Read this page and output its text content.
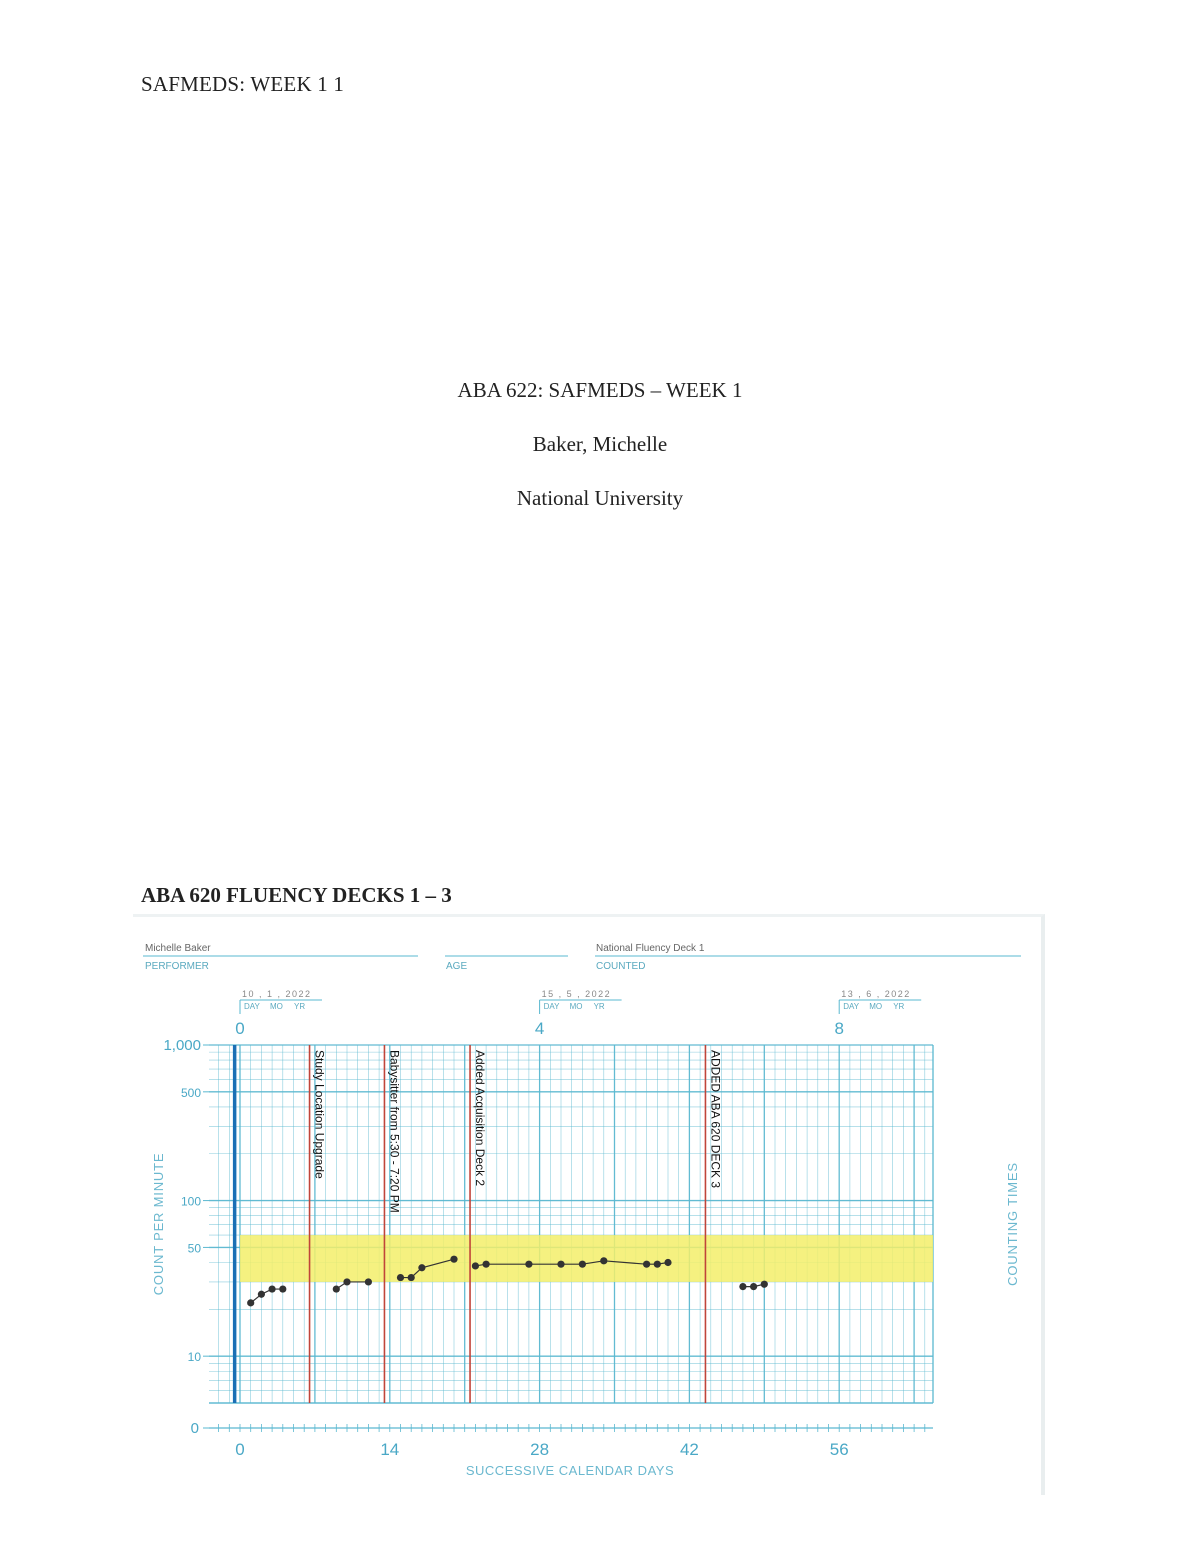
SAFMEDS: WEEK 1 1
ABA 622: SAFMEDS – WEEK 1
Baker, Michelle
National University
ABA 620 FLUENCY DECKS 1 – 3
Michelle Baker
PERFORMER	AGE
National Fluency Deck 1
COUNTED
10 , 1 , 2022
DAY MO YR
0
15 , 5 , 2022
DAY MO YR
4
13 , 6 , 2022
DAY MO YR
8
Study Location Upgrade	Babysitter from 5:30 - 7:20 PM	Added Acquisition Deck 2	ADDED ABA 620 DECK 3
1,000
500
100
50
10
0
0	14	28	42	56
SUCCESSIVE CALENDAR DAYS
COUNT PER MINUTE	COUNTING TIMES
